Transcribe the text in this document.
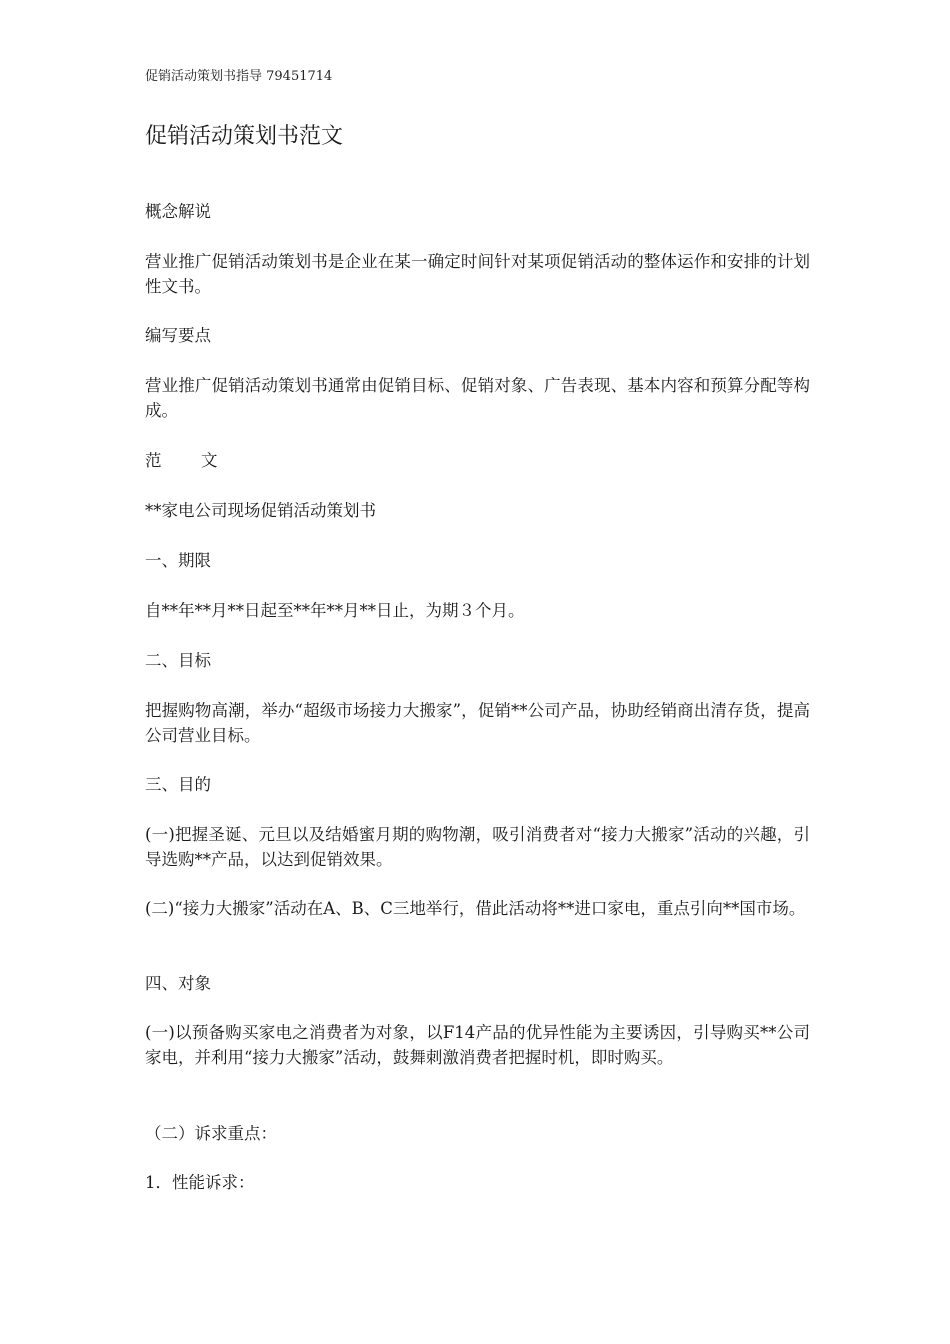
促销活动策划书指导 79451714
促销活动策划书范文
概念解说
营业推广促销活动策划书是企业在某一确定时间针对某项促销活动的整体运作和安排的计划性文书。
编写要点
营业推广促销活动策划书通常由促销目标、促销对象、广告表现、基本内容和预算分配等构成。
范 文
**家电公司现场促销活动策划书
一、期限
自**年**月**日起至**年**月**日止，为期３个月。
二、目标
把握购物高潮，举办“超级市场接力大搬家”，促销**公司产品，协助经销商出清存货，提高公司营业目标。
三、目的
(一)把握圣诞、元旦以及结婚蜜月期的购物潮，吸引消费者对“接力大搬家”活动的兴趣，引导选购**产品，以达到促销效果。
(二)“接力大搬家”活动在A、B、C三地举行，借此活动将**进口家电，重点引向**国市场。
四、对象
(一)以预备购买家电之消费者为对象，以F14产品的优异性能为主要诱因，引导购买**公司家电，并利用“接力大搬家”活动，鼓舞刺激消费者把握时机，即时购买。
（二）诉求重点：
1．性能诉求：
